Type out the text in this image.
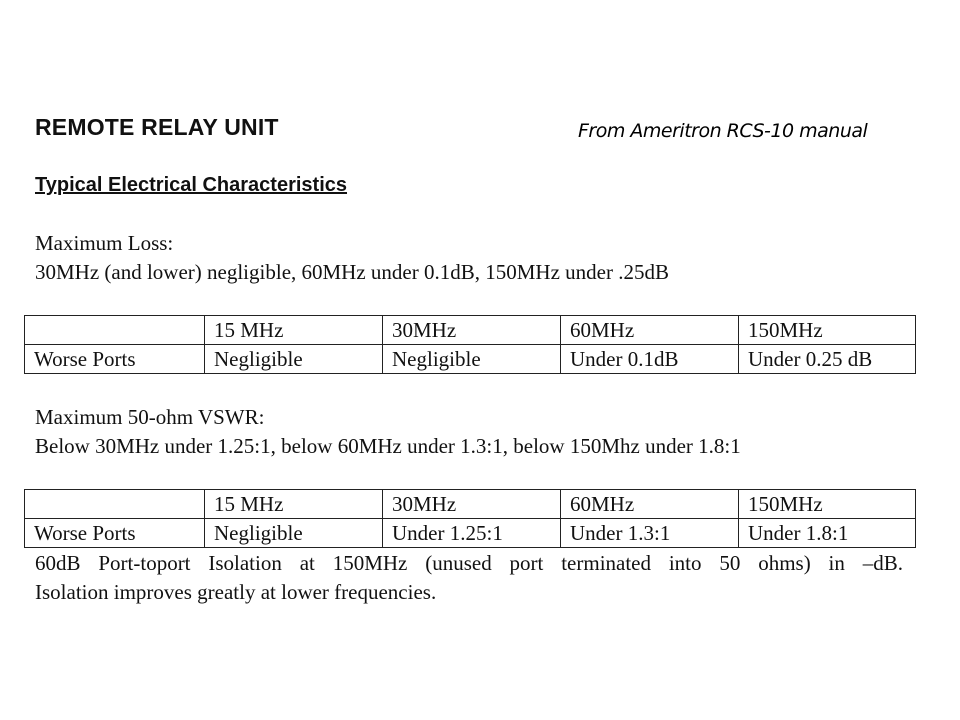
REMOTE RELAY UNIT	From Ameritron RCS-10 manual
Typical Electrical Characteristics
Maximum Loss:
30MHz (and lower) negligible, 60MHz under 0.1dB, 150MHz under .25dB
	15 MHz	30MHz	60MHz	150MHz
Worse Ports	Negligible	Negligible	Under 0.1dB	Under 0.25 dB
Maximum 50-ohm VSWR:
Below 30MHz under 1.25:1, below 60MHz under 1.3:1, below 150Mhz under 1.8:1
	15 MHz	30MHz	60MHz	150MHz
Worse Ports	Negligible	Under 1.25:1	Under 1.3:1	Under 1.8:1
60dB Port-toport Isolation at 150MHz (unused port terminated into 50 ohms) in –dB.
Isolation improves greatly at lower frequencies.
